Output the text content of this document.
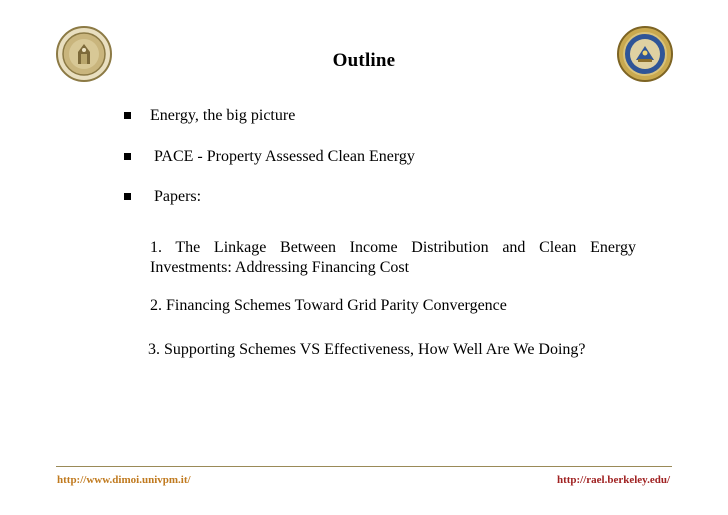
Outline
Energy, the big picture
PACE - Property Assessed Clean Energy
Papers:
1. The Linkage Between Income Distribution and Clean Energy
Investments: Addressing Financing Cost
2. Financing Schemes Toward Grid Parity Convergence
3. Supporting Schemes VS Effectiveness, How Well Are We Doing?
http://www.dimoi.univpm.it/	http://rael.berkeley.edu/
